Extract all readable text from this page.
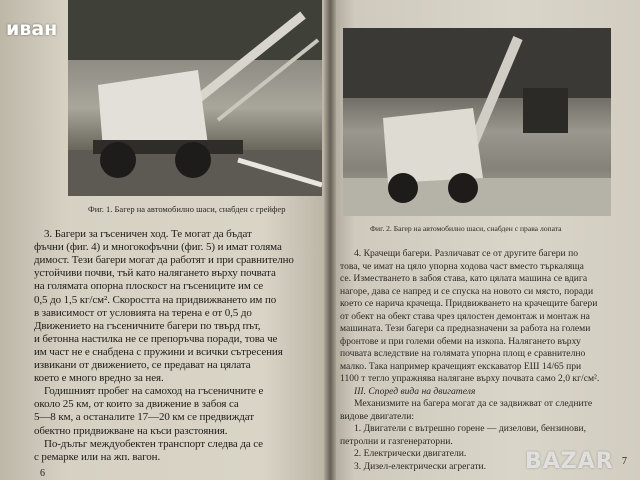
Фиг. 1. Багер на автомобилно шаси, снабден с грейфер
3. Багери за гъсеничен ход. Те могат да бъдат
фъчни (фиг. 4) и многокофъчни (фиг. 5) и имат голяма
димост. Тези багери могат да работят и при сравнително
устойчиви почви, тъй като налягането върху почвата
на голямата опорна плоскост на гъсениците им се
0,5 до 1,5 кг/см². Скоростта на придвижването им по
в зависимост от условията на терена е от 0,5 до
Движението на гъсеничните багери по твърд път,
и бетонна настилка не се препоръчва поради, това че
им част не е снабдена с пружини и всички сътресения
извикани от движението, се предават на цялата
което е много вредно за нея.
Годишният пробег на самоход на гъсеничните е
около 25 км, от които за движение в забоя са
5—8 км, а останалите 17—20 км се предвиждат
обектно придвижване на къси разстояния.
По-дълъг междуобектен транспорт следва да се
с ремарке или на жп. вагон.
6
Фиг. 2. Багер на автомобилно шаси, снабден с права лопата
4. Крачещи багери. Различават се от другите багери по
това, че имат на цяло упорна ходова част вместо търкаляща
се. Изместването в забоя става, като цялата машина се вдига
нагоре, дава се напред и се спуска на новото си място, поради
което се нарича крачеща. Придвижването на крачещите багери
от обект на обект става чрез цялостен демонтаж и монтаж на
машината. Тези багери са предназначени за работа на големи
фронтове и при големи обеми на изкопа. Налягането върху
почвата вследствие на голямата упорна площ е сравнително
малко. Така например крачещият екскаватор ЕШ 14/65 при
1100 т тегло упражнява налягане върху почвата само 2,0 кг/см².
III. Според вида на двигателя
Механизмите на багера могат да се задвижват от следните
видове двигатели:
1. Двигатели с вътрешно горене — дизелови, бензинови,
петролни и газгенераторни.
2. Електрически двигатели.
3. Дизел-електрически агрегати.	7
иван
BAZAR
